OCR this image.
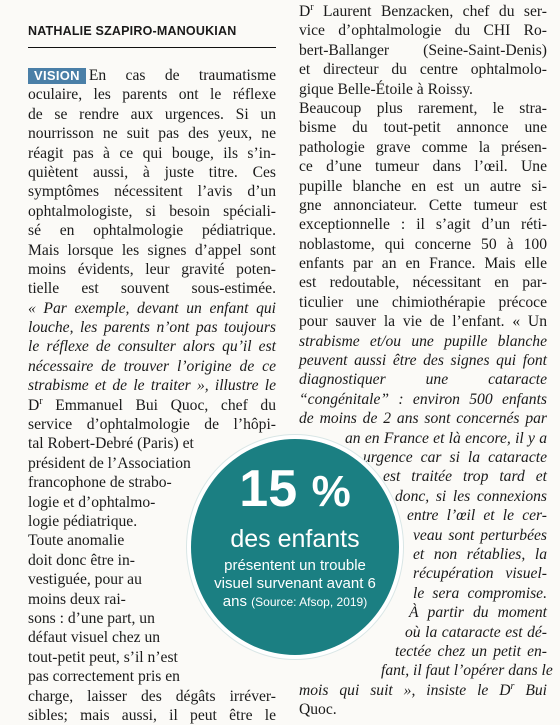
NATHALIE SZAPIRO-MANOUKIAN
VISION En cas de traumatisme
oculaire, les parents ont le réflexe
de se rendre aux urgences. Si un
nourrisson ne suit pas des yeux, ne
réagit pas à ce qui bouge, ils s’in-
quiètent aussi, à juste titre. Ces
symptômes nécessitent l’avis d’un
ophtalmologiste, si besoin spéciali-
sé en ophtalmologie pédiatrique.
Mais lorsque les signes d’appel sont
moins évidents, leur gravité poten-
tielle est souvent sous-estimée.
« Par exemple, devant un enfant qui
louche, les parents n’ont pas toujours
le réflexe de consulter alors qu’il est
nécessaire de trouver l’origine de ce
strabisme et de le traiter », illustre le
$D^r$ Emmanuel Bui Quoc, chef du
service d’ophtalmologie de l’hôpi-
tal Robert-Debré (Paris) et
président de l’Association
francophone de strabo-
logie et d’ophtalmo-
logie pédiatrique.
Toute anomalie
doit donc être in-
vestiguée, pour au
moins deux rai-
sons : d’une part, un
défaut visuel chez un
tout-petit peut, s’il n’est
pas correctement pris en
charge, laisser des dégâts irréver-
sibles; mais aussi, il peut être le
$D^r$ Laurent Benzacken, chef du ser-
vice d’ophtalmologie du CHI Ro-
bert-Ballanger (Seine-Saint-Denis)
et directeur du centre ophtalmolo-
gique Belle-Étoile à Roissy.
Beaucoup plus rarement, le stra-
bisme du tout-petit annonce une
pathologie grave comme la présen-
ce d’une tumeur dans l’œil. Une
pupille blanche en est un autre si-
gne annonciateur. Cette tumeur est
exceptionnelle : il s’agit d’un réti-
noblastome, qui concerne 50 à 100
enfants par an en France. Mais elle
est redoutable, nécessitant en par-
ticulier une chimiothérapie précoce
pour sauver la vie de l’enfant. « Un
strabisme et/ou une pupille blanche
peuvent aussi être des signes qui font
diagnostiquer une cataracte
“congénitale” : environ 500 enfants
de moins de 2 ans sont concernés par
an en France et là encore, il y a
urgence car si la cataracte
est traitée trop tard et
donc, si les connexions
entre l’œil et le cer-
veau sont perturbées
et non rétablies, la
récupération visuel-
le sera compromise.
À partir du moment
où la cataracte est dé-
tectée chez un petit en-
fant, il faut l’opérer dans le
mois qui suit », insiste le $D^r$ Bui
Quoc.
15 %
des enfants
présentent un trouble visuel survenant avant 6 ans (Source: Afsop, 2019)
